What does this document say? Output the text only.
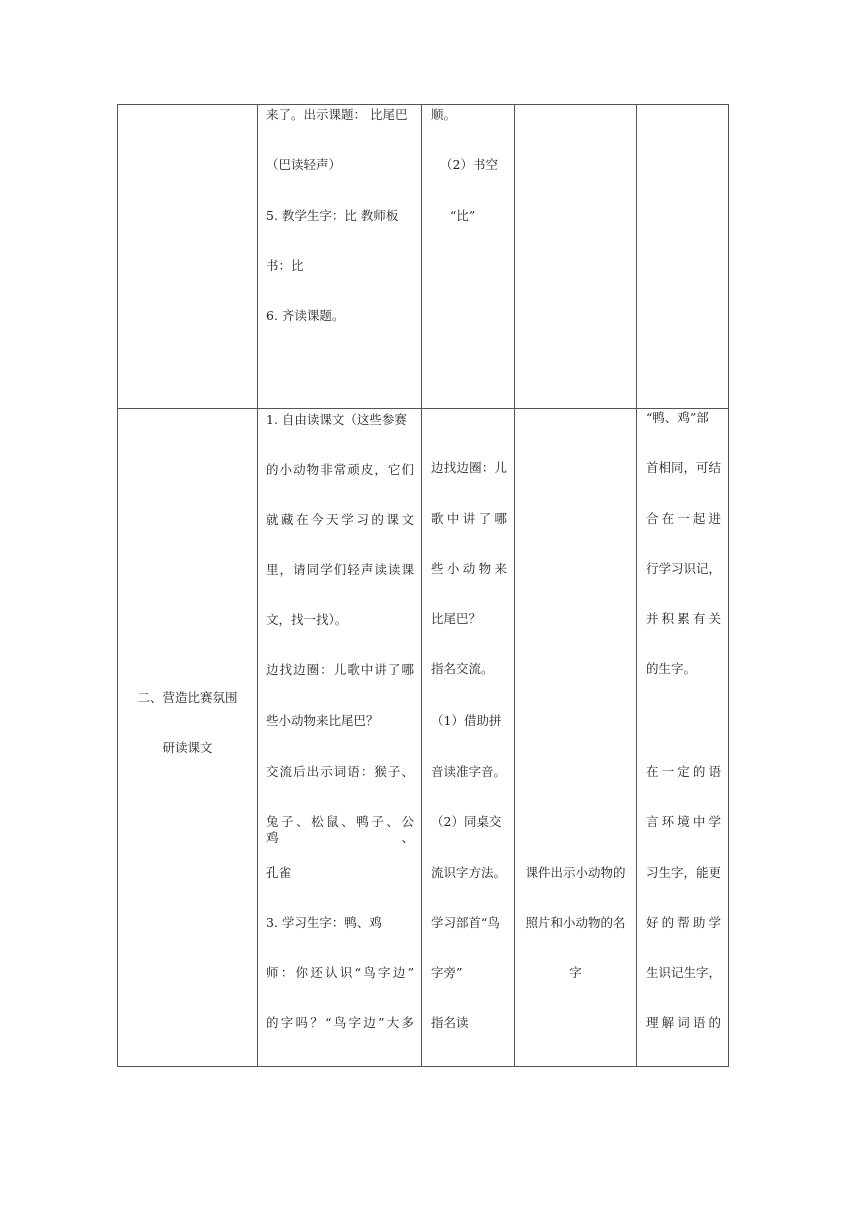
来了。出示课题： 比尾巴
（巴读轻声）
5. 教学生字：比 教师板
书：比
6. 齐读课题。
顺。
（2）书空
“比”
二、营造比赛氛围
研读课文
1. 自由读课文（这些参赛
的小动物非常顽皮，它们
就藏在今天学习的课文
里，请同学们轻声读读课
文，找一找）。
边找边圈：儿歌中讲了哪
些小动物来比尾巴？
交流后出示词语：猴子、
兔子、松鼠、鸭子、公鸡、
孔雀
3. 学习生字：鸭、鸡
师：你还认识“鸟字边”
的字吗？“鸟字边”大多
边找边圈：儿
歌中讲了哪
些小动物来
比尾巴？
指名交流。
（1）借助拼
音读准字音。
（2）同桌交
流识字方法。
学习部首“鸟
字旁”
指名读
课件出示小动物的
照片和小动物的名
字
“鸭、鸡”部
首相同，可结
合在一起进
行学习识记，
并积累有关
的生字。
在一定的语
言环境中学
习生字，能更
好的帮助学
生识记生字，
理解词语的
